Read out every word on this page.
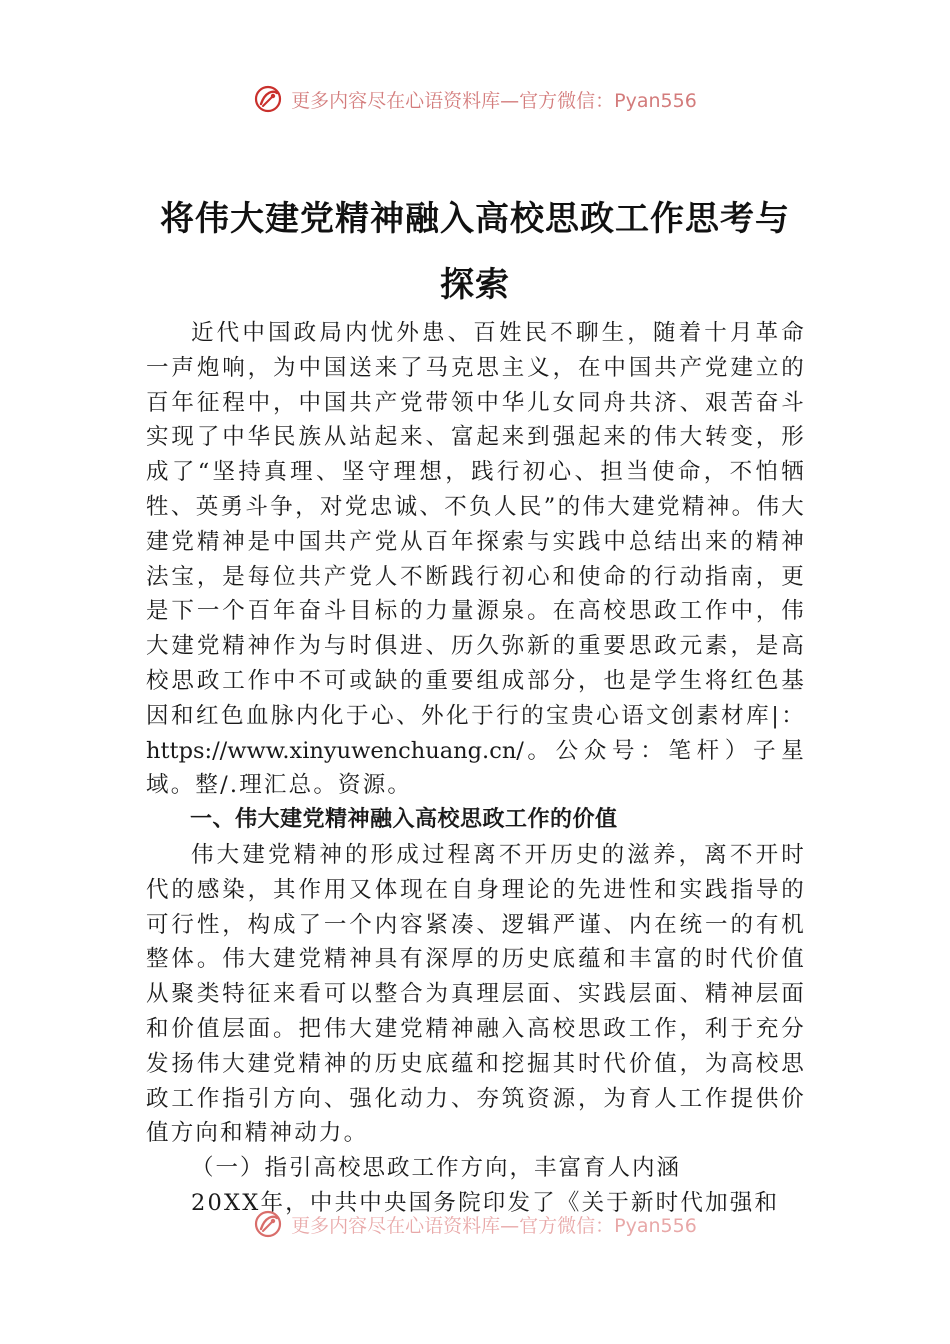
更多内容尽在心语资料库—官方微信：Pyan556
将伟大建党精神融入高校思政工作思考与
探索

近代中国政局内忧外患、百姓民不聊生，随着十月革命一声炮响，为中国送来了马克思主义，在中国共产党建立的百年征程中，中国共产党带领中华儿女同舟共济、艰苦奋斗实现了中华民族从站起来、富起来到强起来的伟大转变，形成了“坚持真理、坚守理想，践行初心、担当使命，不怕牺牲、英勇斗争，对党忠诚、不负人民”的伟大建党精神。伟大建党精神是中国共产党从百年探索与实践中总结出来的精神法宝，是每位共产党人不断践行初心和使命的行动指南，更是下一个百年奋斗目标的力量源泉。在高校思政工作中，伟大建党精神作为与时俱进、历久弥新的重要思政元素，是高校思政工作中不可或缺的重要组成部分，也是学生将红色基因和红色血脉内化于心、外化于行的宝贵心语文创素材库|：https://www.xinyuwenchuang.cn/。公众号：笔杆）子星域。整/.理汇总。资源。

一、伟大建党精神融入高校思政工作的价值

伟大建党精神的形成过程离不开历史的滋养，离不开时代的感染，其作用又体现在自身理论的先进性和实践指导的可行性，构成了一个内容紧凑、逻辑严谨、内在统一的有机整体。伟大建党精神具有深厚的历史底蕴和丰富的时代价值从聚类特征来看可以整合为真理层面、实践层面、精神层面和价值层面。把伟大建党精神融入高校思政工作，利于充分发扬伟大建党精神的历史底蕴和挖掘其时代价值，为高校思政工作指引方向、强化动力、夯筑资源，为育人工作提供价值方向和精神动力。

（一）指引高校思政工作方向，丰富育人内涵

20XX年，中共中央国务院印发了《关于新时代加强和

更多内容尽在心语资料库—官方微信：Pyan556
